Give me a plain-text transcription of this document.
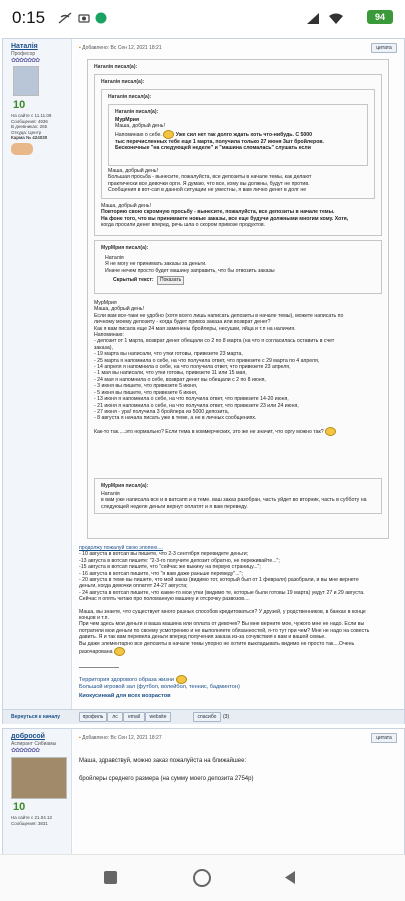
0:15	94
Наталія
Професор
✿✿✿✿✿✿✿
10
На сайте с 11.11.09
Сообщения: 4936
В дневниках: 265
Откуда: Центр
Карма № 424030
▪ Добавлено: Вс Сен 12, 2021 18:21	цитата
Наталія писал(а):
Наталія писал(а):
Наталія писал(а):
Наталія писал(а):
МурМрия
Маша, добрый день!
Напоминаю о себе.	Уже сил нет так долго ждать хоть что-нибудь. С 5000
тыс перечисленных тебе еще 1 марта, получила только 27 июня 3шт бройлеров.
Бесконечные "на следующей неделе" и "машина сломалась" слушать если
Маша, добрый день!
Большая просьба - вынесите, пожалуйста, все депозиты в начале темы, как делают
практически все девочки орги. Я думаю, что все, кому вы должны, будут не против.
Сообщения в вот-сап в данной ситуации не уместны, я вам лично денег в долг не
Маша, добрый день!
Повторяю свою скромную просьбу - вынесите, пожалуйста, все депозиты в начале темы.
На фоне того, что вы принимаете новые заказы, все еще будучи должными многим кому. Хотя,
когда просили денег вперед, речь шла о скором привозе продуктов.
МурМрия писал(а):
Наталія
Я не могу не принимать заказы за деньги.
Иначе нечем просто будет машину заправить, что бы отвозить заказы
Скрытый текст:	Показать
МурМрия
Маша, добрый день!
Если вам все-таки не удобно (хотя всего лишь написать депозиты в начале темы), можете написать по
личному моему депозиту - когда будет привоз заказа или возврат денег?
Как я вам писала еще 24 мая заменены бройлеры, несушки, яйца и т.п на наличия.
Напоминаю:
- депозит от 1 марта, возврат денег обещали со 2 по 8 марта (на что я согласилась оставить в счет
заказа),
- 19 марта вы написали, что утки готовы, привезете 23 марта,
- 25 марта я напомнила о себе, на что получила ответ, что привезете с 29 марта по 4 апреля,
- 14 апреля я напомнила о себе, на что получила ответ, что привезете 23 апреля,
- 1 мая вы написали, что утки готовы, привезете 11 или 15 мая,
- 24 мая я напомнила о себе, возврат денег вы обещали с 2 по 8 июня,
- 3 июня вы пишете, что привезете 5 июня,
- 5 июня вы пишете, что привезете 6 июня,
- 13 июня я напомнила о себе, на что получила ответ, что привезете 14-20 июня,
- 21 июня я напомнила о себе, на что получила ответ, что привезете 23 или 24 июня,
- 27 июня - ура! получила 3 бройлера из 5000 депозита,
- 8 августа я начала писать уже в теме, а не в личных сообщениях.
Как-то так.....это нормально? Если тема в коммерческих, это же не значит, что оргу можно так?
МурМрия писал(а):
Наталія
в вам уже написала все и в ватсапп и в теме. ваш заказ разобран, часть уйдет во вторник, часть в субботу на
следующей неделе деньги вернут оплатят и я вам переведу.
продолжу пожалуй свою эпопею....
- 10 августа в вотсап вы пишете, что 2-3 сентября перевидете деньги;
-13 августа в вотсап пишите: "2-3-го получите депозит обратно, не переживайте...";
-15 августа в вотсап пишите, что "сейчас же выкину на первую страницу...";
- 16 августа в вотсап пишите, что "я вам даже раньше переведу"...";
- 20 августа в теме вы пишете, что мой заказ (видимо тот, который был от 1 февраля) разобрали, и вы мне вернете
деньги, когда девочки оплатят 24-27 августа;
- 24 августа в вотсап пишите, что какие-то мои утки (видимо те, которые были готовы 19 марта) уедут 27 и 29 августа.
Сейчас я опять читаю про поломанную машину и отсрочку развозов....
Маша, вы знаете, что существует много разных способов кредитоваться? У друзей, у родственников, в банках в конце
концов и т.п.
При чем здесь мои деньги и ваша машина или оплата от девочек? Вы мне верните мое, чужого мне не надо. Если вы
потратили мои деньги по своему усмотрению и не выполняете обязанностей, я-то тут при чем? Мне не надо на совесть
давить. Я и так вам перевела деньги вперед получения заказа из-за сочувствия к вам и вашей семье.
Вы даже элементарно все депозиты в начале темы упорно не хотите выкладывать видимо не просто так....Очень
разочарована
Территория здорового образа жизни
Большой игровой зал (футбол, волейбол, теннис, бадминтон)
Киокусинкай для всех возрастов
Вернуться к началу	профиль	лс	email	website	спасибо	(3)
добросой
Аспирант Сибиамы
✿✿✿✿✿✿✿
10
На сайте с 21.04.12
Сообщения: 3831
▪ Добавлено: Вс Сен 12, 2021 18:27	цитата
Маша, здравствуй, можно заказ пожалуйста на ближайшее:
бройлеры среднего размера (на сумму моего депозита 2754р)
